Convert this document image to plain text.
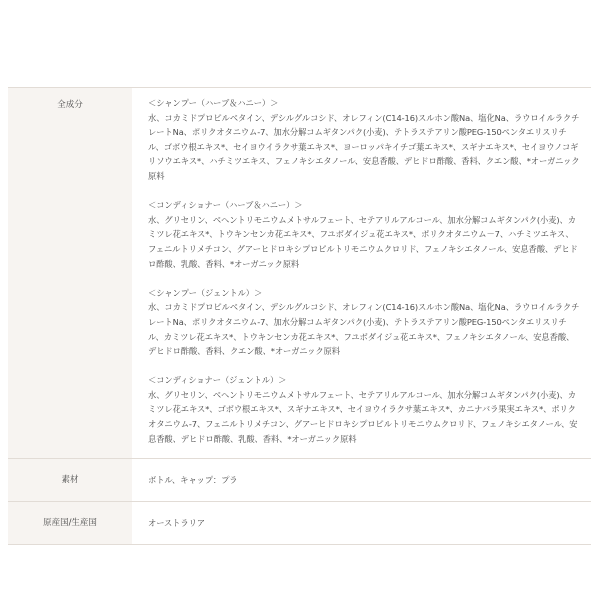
全成分	＜シャンプー（ハーブ＆ハニー）＞
水、コカミドプロピルベタイン、デシルグルコシド、オレフィン(C14-16)スルホン酸Na、塩化Na、ラウロイルラクチレートNa、ポリクオタニウム-7、加水分解コムギタンパク(小麦)、テトラステアリン酸PEG-150ペンタエリスリチル、ゴボウ根エキス*、セイヨウイラクサ葉エキス*、ヨーロッパキイチゴ葉エキス*、スギナエキス*、セイヨウノコギリソウエキス*、ハチミツエキス、フェノキシエタノール、安息香酸、デヒドロ酢酸、香料、クエン酸、*オーガニック原料
＜コンディショナー（ハーブ＆ハニー）＞
水、グリセリン、ベヘントリモニウムメトサルフェート、セテアリルアルコール、加水分解コムギタンパク(小麦)、カミツレ花エキス*、トウキンセンカ花エキス*、フユボダイジュ花エキス*、ポリクオタニウム－7、ハチミツエキス、フェニルトリメチコン、グアーヒドロキシプロピルトリモニウムクロリド、フェノキシエタノール、安息香酸、デヒドロ酢酸、乳酸、香料、*オーガニック原料
＜シャンプー（ジェントル）＞
水、コカミドプロピルベタイン、デシルグルコシド、オレフィン(C14-16)スルホン酸Na、塩化Na、ラウロイルラクチレートNa、ポリクオタニウム-7、加水分解コムギタンパク(小麦)、テトラステアリン酸PEG-150ペンタエリスリチル、カミツレ花エキス*、トウキンセンカ花エキス*、フユボダイジュ花エキス*、フェノキシエタノール、安息香酸、デヒドロ酢酸、香料、クエン酸、*オーガニック原料
＜コンディショナー（ジェントル）＞
水、グリセリン、ベヘントリモニウムメトサルフェート、セテアリルアルコール、加水分解コムギタンパク(小麦)、カミツレ花エキス*、ゴボウ根エキス*、スギナエキス*、セイヨウイラクサ葉エキス*、カニナバラ果実エキス*、ポリクオタニウム-7、フェニルトリメチコン、グアーヒドロキシプロピルトリモニウムクロリド、フェノキシエタノール、安息香酸、デヒドロ酢酸、乳酸、香料、*オーガニック原料
素材	ボトル、キャップ：プラ
原産国/生産国	オーストラリア
